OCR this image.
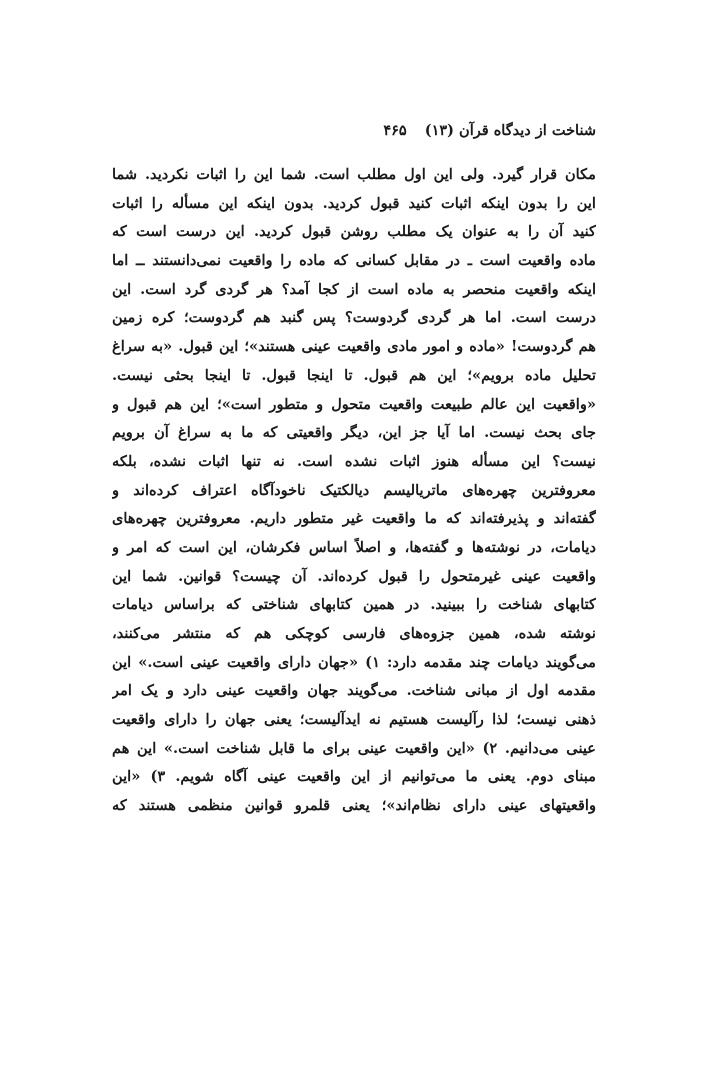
شناخت از دیدگاه قرآن (۱۳)
۴۶۵
مکان قرار گیرد. ولی این اول مطلب است. شما این را اثبات نکردید. شما
این را بدون اینکه اثبات کنید قبول کردید. بدون اینکه این مسأله را اثبات
کنید آن را به عنوان یک مطلب روشن قبول کردید. این درست است که
ماده واقعیت است ـ در مقابل کسانی که ماده را واقعیت نمی‌دانستند ــ اما
اینکه واقعیت منحصر به ماده است از کجا آمد؟ هر گردی گرد است. این
درست است. اما هر گردی گردوست؟ پس گنبد هم گردوست؛ کره زمین
هم گردوست! «ماده و امور مادی واقعیت عینی هستند»؛ این قبول. «به سراغ
تحلیل ماده برویم»؛ این هم قبول. تا اینجا قبول. تا اینجا بحثی نیست.
«واقعیت این عالم طبیعت واقعیت متحول و متطور است»؛ این هم قبول و
جای بحث نیست. اما آیا جز این، دیگر واقعیتی که ما به سراغ آن برویم
نیست؟ این مسأله هنوز اثبات نشده است. نه تنها اثبات نشده، بلکه
معروفترین چهره‌های ماتریالیسم دیالکتیک ناخودآگاه اعتراف کرده‌اند و
گفته‌اند و پذیرفته‌اند که ما واقعیت غیر متطور داریم. معروفترین چهره‌های
دیامات، در نوشته‌ها و گفته‌ها، و اصلاً اساس فکرشان، این است که امر و
واقعیت عینی غیرمتحول را قبول کرده‌اند. آن چیست؟ قوانین. شما این
کتابهای شناخت را ببینید. در همین کتابهای شناختی که براساس دیامات
نوشته شده، همین جزوه‌های فارسی کوچکی هم که منتشر می‌کنند،
می‌گویند دیامات چند مقدمه دارد: ۱) «جهان دارای واقعیت عینی است.» این
مقدمه اول از مبانی شناخت. می‌گویند جهان واقعیت عینی دارد و یک امر
ذهنی نیست؛ لذا رآلیست هستیم نه ایدآلیست؛ یعنی جهان را دارای واقعیت
عینی می‌دانیم. ۲) «این واقعیت عینی برای ما قابل شناخت است.» این هم
مبنای دوم. یعنی ما می‌توانیم از این واقعیت عینی آگاه شویم. ۳) «این
واقعیتهای عینی دارای نظام‌اند»؛ یعنی قلمرو قوانین منظمی هستند که
